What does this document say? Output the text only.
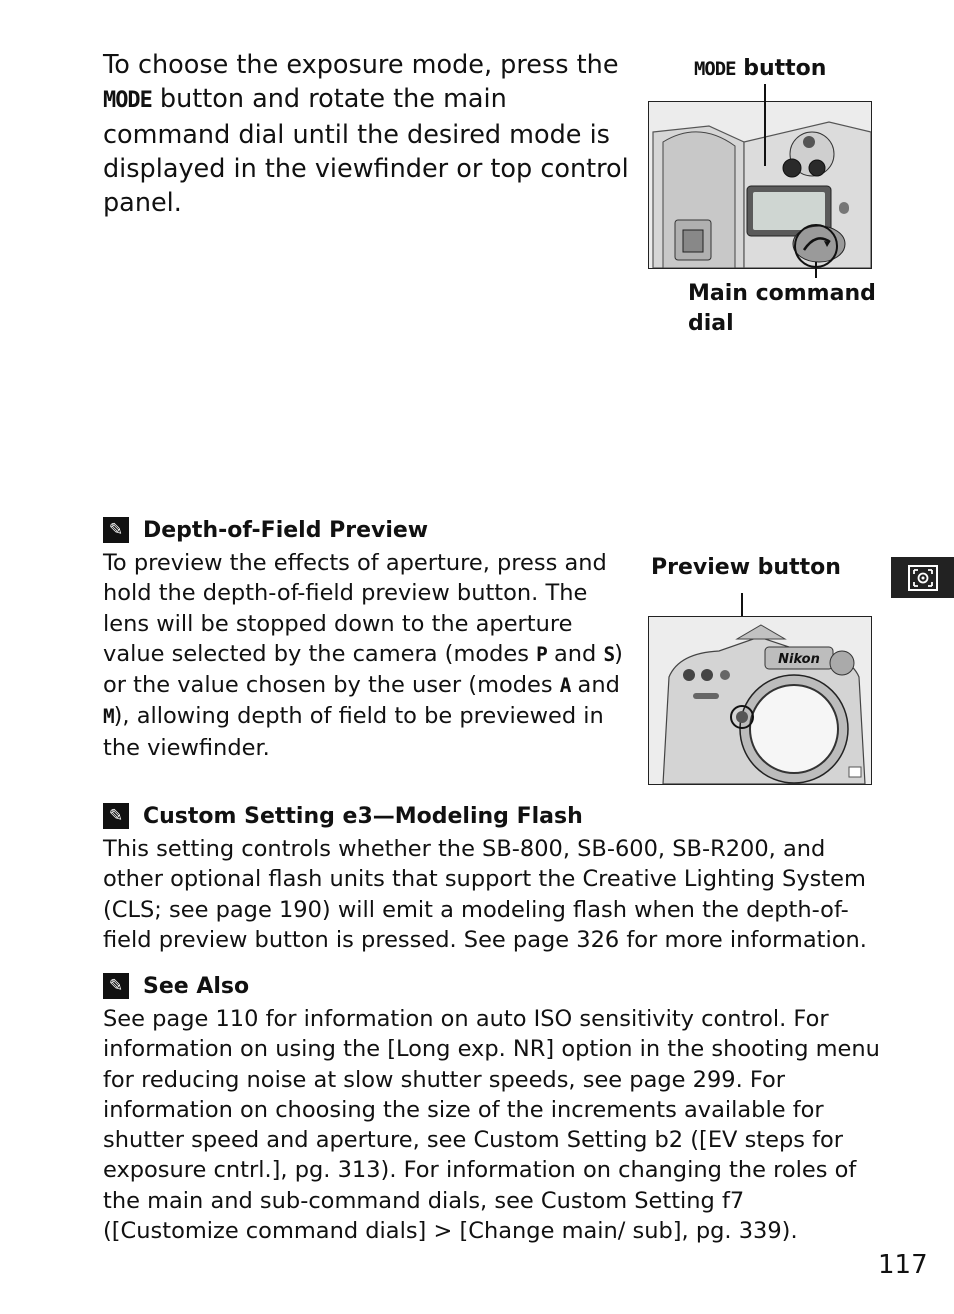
To choose the exposure mode, press the MODE button and rotate the main command dial until the desired mode is displayed in the viewfinder or top control panel.
MODE button
Main command
dial
✎ Depth-of-Field Preview
To preview the effects of aperture, press and hold the depth-of-field preview button. The lens will be stopped down to the aperture value selected by the camera (modes P and S) or the value chosen by the user (modes A and M), allowing depth of field to be previewed in the viewfinder.
Preview button
Nikon
✎ Custom Setting e3—Modeling Flash
This setting controls whether the SB-800, SB-600, SB-R200, and other optional flash units that support the Creative Lighting System (CLS; see page 190) will emit a modeling flash when the depth-of-field preview button is pressed. See page 326 for more information.
✎ See Also
See page 110 for information on auto ISO sensitivity control. For information on using the [Long exp. NR] option in the shooting menu for reducing noise at slow shutter speeds, see page 299. For information on choosing the size of the increments available for shutter speed and aperture, see Custom Setting b2 ([EV steps for exposure cntrl.], pg. 313). For information on changing the roles of the main and sub-command dials, see Custom Setting f7 ([Customize command dials] > [Change main/ sub], pg. 339).
117
